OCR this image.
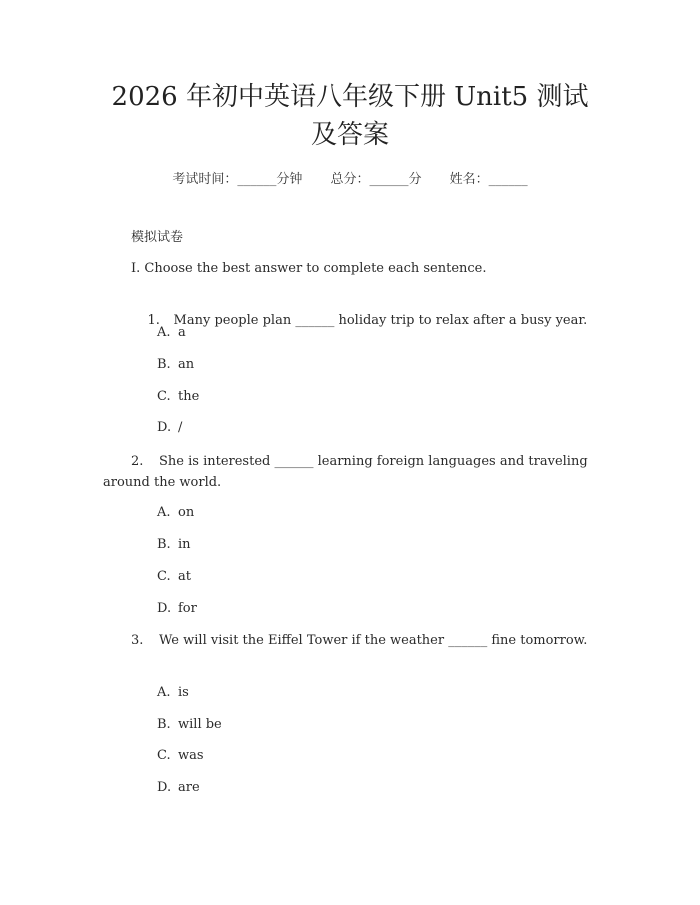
2026 年初中英语八年级下册 Unit5 测试及答案
考试时间：______分钟 总分：______分 姓名：______
模拟试卷
I. Choose the best answer to complete each sentence.

1. Many people plan ______ holiday trip to relax after a busy year.

A. a
B. an
C. the
D. /
2. She is interested ______ learning foreign languages and traveling around the world.
A. on
B. in
C. at
D. for
3. We will visit the Eiffel Tower if the weather ______ fine tomorrow.
A. is
B. will be
C. was
D. are
